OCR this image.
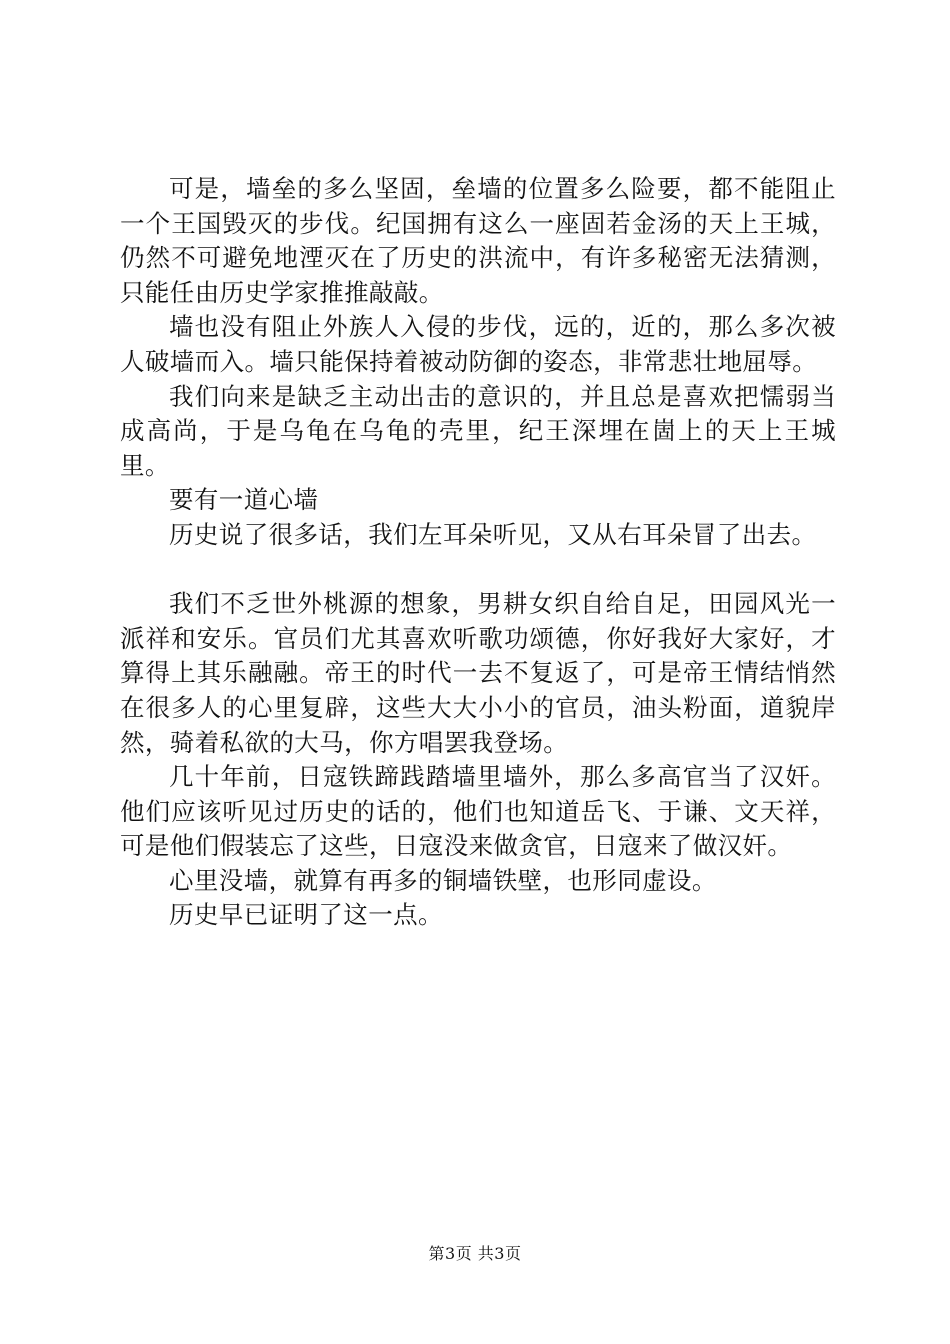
可是，墙垒的多么坚固，垒墙的位置多么险要，都不能阻止一个王国毁灭的步伐。纪国拥有这么一座固若金汤的天上王城，仍然不可避免地湮灭在了历史的洪流中，有许多秘密无法猜测，只能任由历史学家推推敲敲。

墙也没有阻止外族人入侵的步伐，远的，近的，那么多次被人破墙而入。墙只能保持着被动防御的姿态，非常悲壮地屈辱。

我们向来是缺乏主动出击的意识的，并且总是喜欢把懦弱当成高尚，于是乌龟在乌龟的壳里，纪王深埋在崮上的天上王城里。

要有一道心墙

历史说了很多话，我们左耳朵听见，又从右耳朵冒了出去。

我们不乏世外桃源的想象，男耕女织自给自足，田园风光一派祥和安乐。官员们尤其喜欢听歌功颂德，你好我好大家好，才算得上其乐融融。帝王的时代一去不复返了，可是帝王情结悄然在很多人的心里复辟，这些大大小小的官员，油头粉面，道貌岸然，骑着私欲的大马，你方唱罢我登场。

几十年前，日寇铁蹄践踏墙里墙外，那么多高官当了汉奸。他们应该听见过历史的话的，他们也知道岳飞、于谦、文天祥，可是他们假装忘了这些，日寇没来做贪官，日寇来了做汉奸。

心里没墙，就算有再多的铜墙铁壁，也形同虚设。

历史早已证明了这一点。

第3页 共3页
